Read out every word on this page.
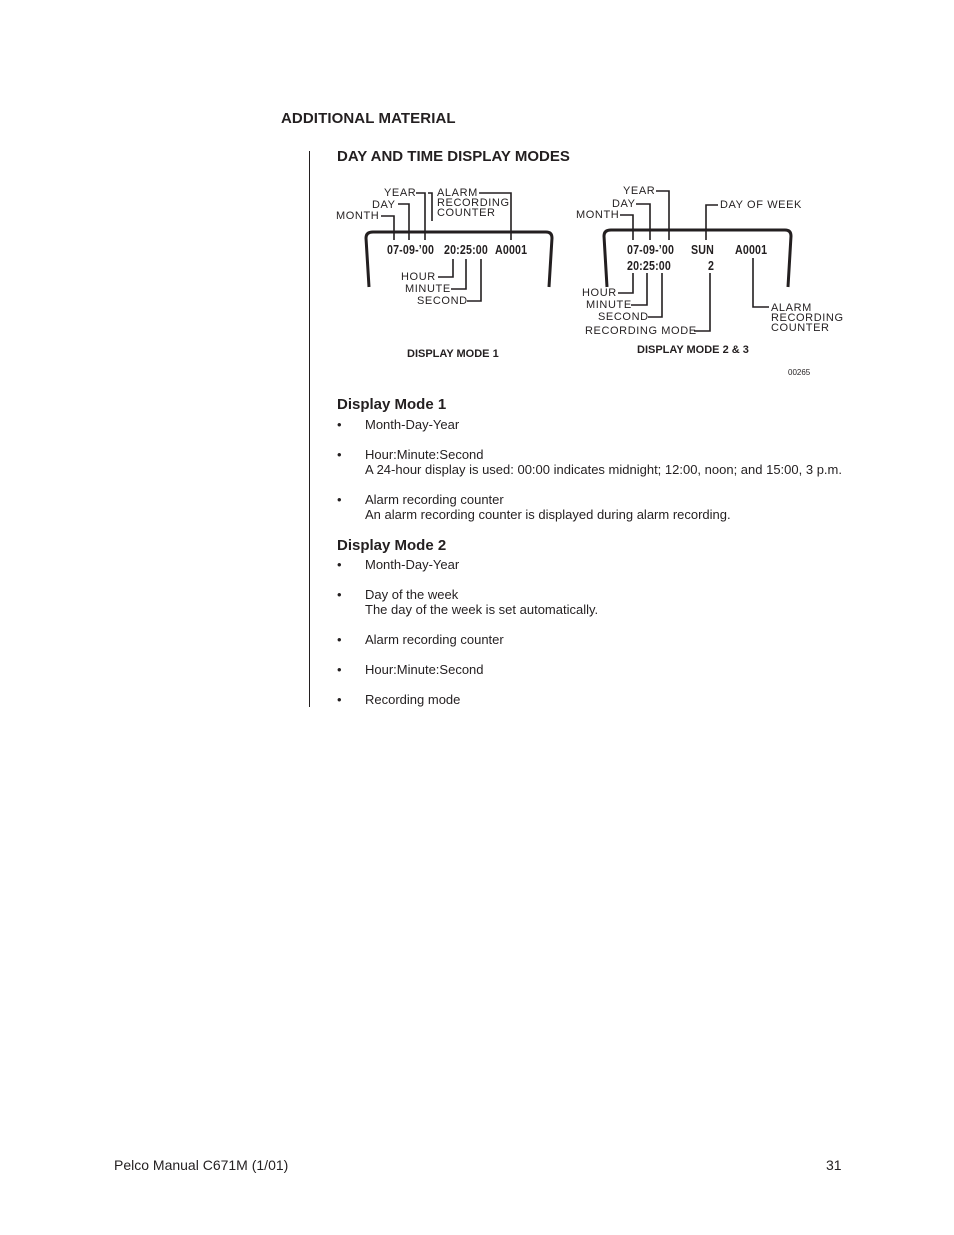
ADDITIONAL MATERIAL
DAY AND TIME DISPLAY MODES
YEAR
DAY
MONTH
ALARM
RECORDING
COUNTER
07-09-’00 20:25:00 A0001
HOUR
MINUTE
SECOND
DISPLAY MODE 1
YEAR
DAY
MONTH
DAY OF WEEK
07-09-’00 SUN A0001
20:25:00	2
HOUR
MINUTE
SECOND
RECORDING MODE
ALARM
RECORDING
COUNTER
DISPLAY MODE 2 & 3
00265
Display Mode 1
• Month-Day-Year
• Hour:Minute:Second
A 24-hour display is used: 00:00 indicates midnight; 12:00, noon; and 15:00, 3 p.m.
• Alarm recording counter
An alarm recording counter is displayed during alarm recording.
Display Mode 2
• Month-Day-Year
• Day of the week
The day of the week is set automatically.
• Alarm recording counter
• Hour:Minute:Second
• Recording mode
Pelco Manual C671M (1/01)	31
